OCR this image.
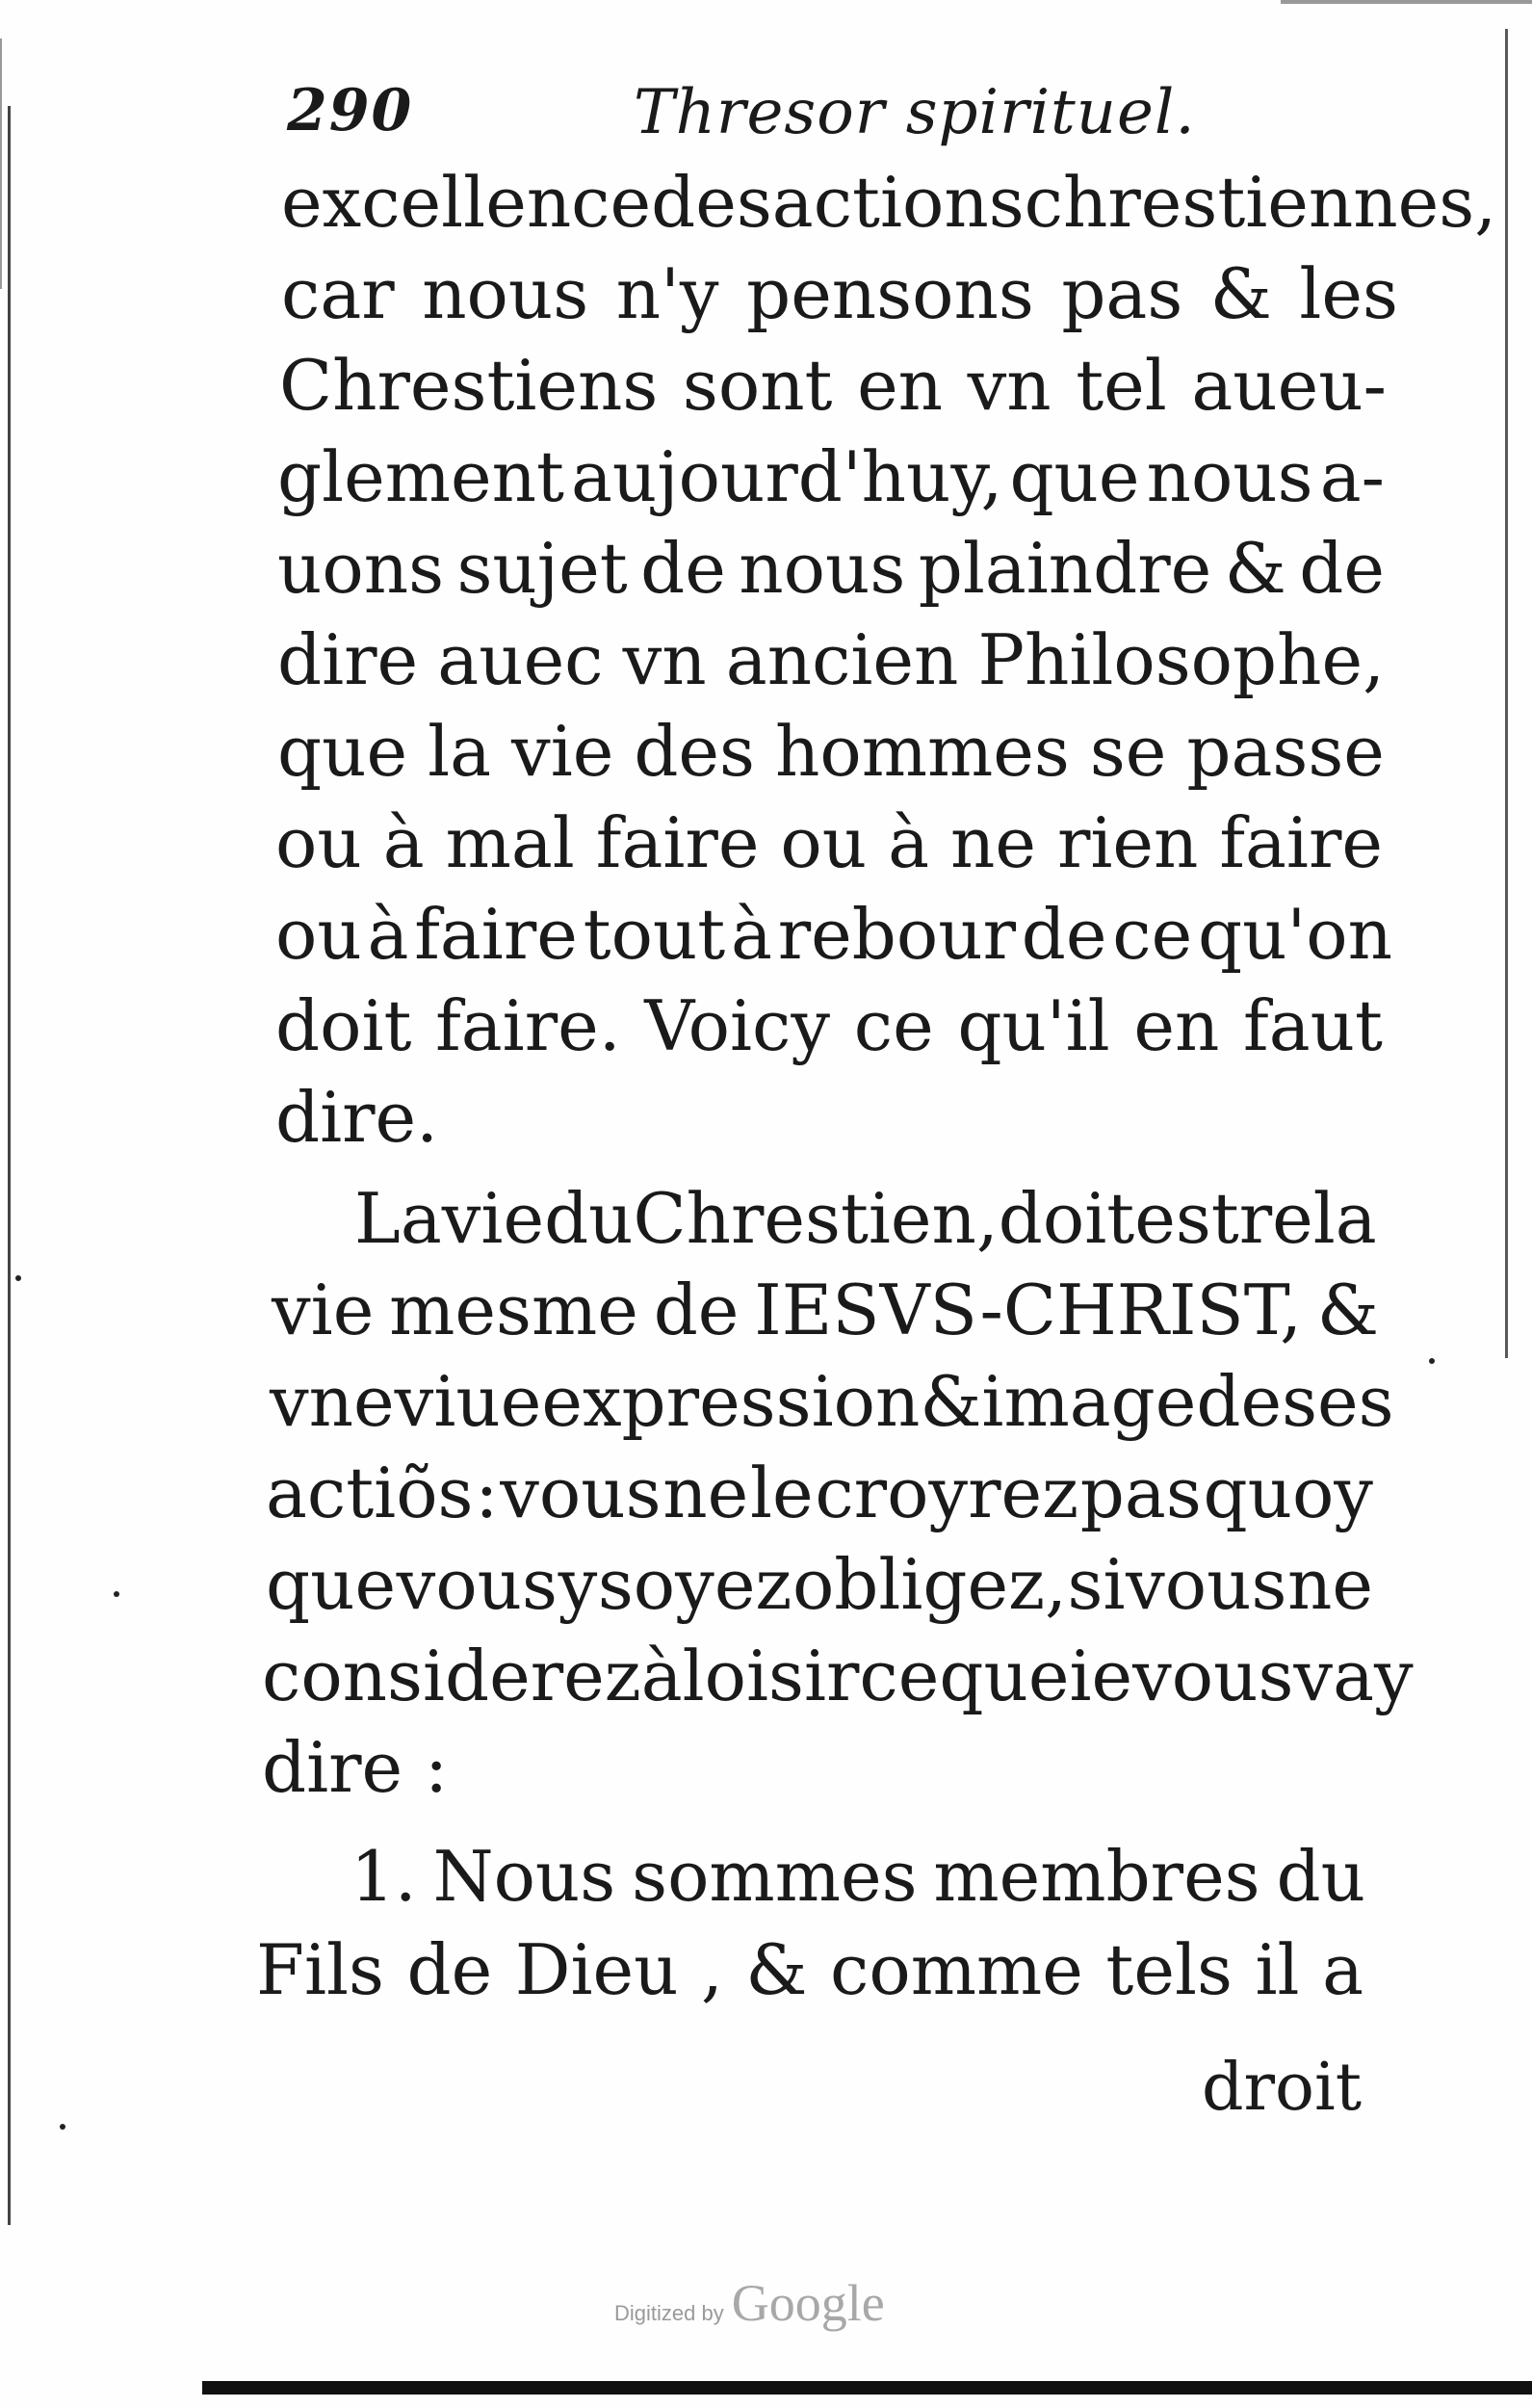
290	Thresor spirituel.
excellence des actions chrestiennes,
car nous n'y pensons pas & les
Chrestiens sont en vn tel aueu-
glement aujourd'huy, que nous a-
uons sujet de nous plaindre & de
dire auec vn ancien Philosophe,
que la vie des hommes se passe
ou à mal faire ou à ne rien faire
ou à faire tout à rebour de ce qu'on
doit faire. Voicy ce qu'il en faut
dire.
La vie du Chrestien, doit estre la
vie mesme de IESVS-CHRIST, &
vne viue expression & image de ses
actiõs : vous ne le croyrez pas quoy
que vous y soyez obligez, si vous ne
considerez à loisir ce que ie vous vay
dire :
1. Nous sommes membres du
Fils de Dieu , & comme tels il a
droit
Digitized by Google
